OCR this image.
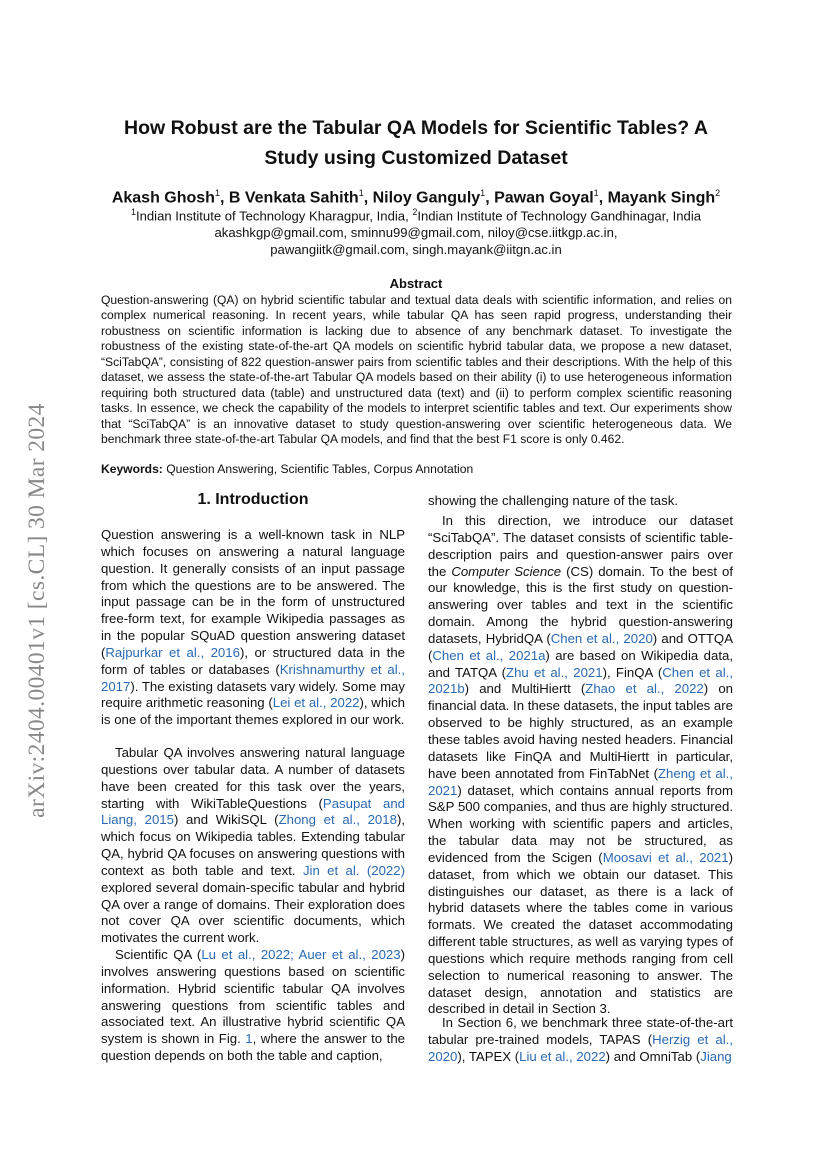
arXiv:2404.00401v1 [cs.CL] 30 Mar 2024
How Robust are the Tabular QA Models for Scientific Tables? A
Study using Customized Dataset
Akash Ghosh$^1$, B Venkata Sahith$^1$, Niloy Ganguly$^1$, Pawan Goyal$^1$, Mayank Singh$^2$
$^1$Indian Institute of Technology Kharagpur, India, $^2$Indian Institute of Technology Gandhinagar, India
akashkgp@gmail.com, sminnu99@gmail.com, niloy@cse.iitkgp.ac.in,
pawangiitk@gmail.com, singh.mayank@iitgn.ac.in
Abstract
Question-answering (QA) on hybrid scientific tabular and textual data deals with scientific information, and relies on complex numerical reasoning. In recent years, while tabular QA has seen rapid progress, understanding their robustness on scientific information is lacking due to absence of any benchmark dataset. To investigate the robustness of the existing state-of-the-art QA models on scientific hybrid tabular data, we propose a new dataset, “SciTabQA”, consisting of 822 question-answer pairs from scientific tables and their descriptions. With the help of this dataset, we assess the state-of-the-art Tabular QA models based on their ability (i) to use heterogeneous information requiring both structured data (table) and unstructured data (text) and (ii) to perform complex scientific reasoning tasks. In essence, we check the capability of the models to interpret scientific tables and text. Our experiments show that “SciTabQA” is an innovative dataset to study question-answering over scientific heterogeneous data. We benchmark three state-of-the-art Tabular QA models, and find that the best F1 score is only 0.462.
Keywords: Question Answering, Scientific Tables, Corpus Annotation
1. Introduction

Question answering is a well-known task in NLP which focuses on answering a natural language question. It generally consists of an input passage from which the questions are to be answered. The input passage can be in the form of unstructured free-form text, for example Wikipedia passages as in the popular SQuAD question answering dataset (Rajpurkar et al., 2016), or structured data in the form of tables or databases (Krishnamurthy et al., 2017). The existing datasets vary widely. Some may require arithmetic reasoning (Lei et al., 2022), which is one of the important themes explored in our work.

Tabular QA involves answering natural language questions over tabular data. A number of datasets have been created for this task over the years, starting with WikiTableQuestions (Pasupat and Liang, 2015) and WikiSQL (Zhong et al., 2018), which focus on Wikipedia tables. Extending tabular QA, hybrid QA focuses on answering questions with context as both table and text. Jin et al. (2022) explored several domain-specific tabular and hybrid QA over a range of domains. Their exploration does not cover QA over scientific documents, which motivates the current work.

Scientific QA (Lu et al., 2022; Auer et al., 2023) involves answering questions based on scientific information. Hybrid scientific tabular QA involves answering questions from scientific tables and associated text. An illustrative hybrid scientific QA system is shown in Fig. 1, where the answer to the question depends on both the table and caption,

showing the challenging nature of the task.

In this direction, we introduce our dataset “SciTabQA”. The dataset consists of scientific table-description pairs and question-answer pairs over the Computer Science (CS) domain. To the best of our knowledge, this is the first study on question-answering over tables and text in the scientific domain. Among the hybrid question-answering datasets, HybridQA (Chen et al., 2020) and OTTQA (Chen et al., 2021a) are based on Wikipedia data, and TATQA (Zhu et al., 2021), FinQA (Chen et al., 2021b) and MultiHiertt (Zhao et al., 2022) on financial data. In these datasets, the input tables are observed to be highly structured, as an example these tables avoid having nested headers. Financial datasets like FinQA and MultiHiertt in particular, have been annotated from FinTabNet (Zheng et al., 2021) dataset, which contains annual reports from S&P 500 companies, and thus are highly structured. When working with scientific papers and articles, the tabular data may not be structured, as evidenced from the Scigen (Moosavi et al., 2021) dataset, from which we obtain our dataset. This distinguishes our dataset, as there is a lack of hybrid datasets where the tables come in various formats. We created the dataset accommodating different table structures, as well as varying types of questions which require methods ranging from cell selection to numerical reasoning to answer. The dataset design, annotation and statistics are described in detail in Section 3.

In Section 6, we benchmark three state-of-the-art tabular pre-trained models, TAPAS (Herzig et al., 2020), TAPEX (Liu et al., 2022) and OmniTab (Jiang
